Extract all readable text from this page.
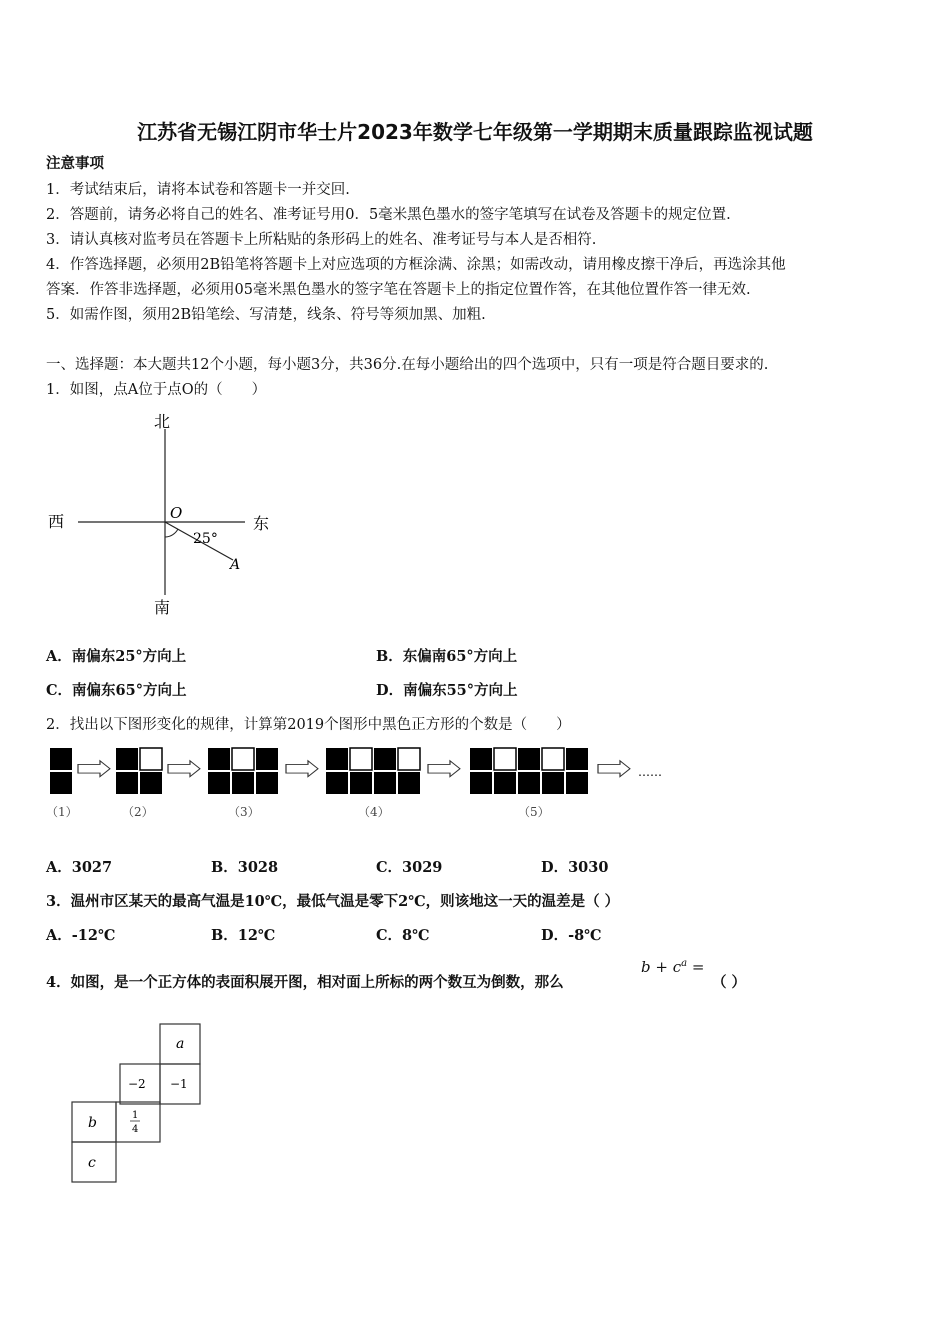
江苏省无锡江阴市华士片2023年数学七年级第一学期期末质量跟踪监视试题
注意事项
1．考试结束后，请将本试卷和答题卡一并交回.
2．答题前，请务必将自己的姓名、准考证号用0．5毫米黑色墨水的签字笔填写在试卷及答题卡的规定位置.
3．请认真核对监考员在答题卡上所粘贴的条形码上的姓名、准考证号与本人是否相符.
4．作答选择题，必须用2B铅笔将答题卡上对应选项的方框涂满、涂黑；如需改动，请用橡皮擦干净后，再选涂其他
答案．作答非选择题，必须用05毫米黑色墨水的签字笔在答题卡上的指定位置作答，在其他位置作答一律无效.
5．如需作图，须用2B铅笔绘、写清楚，线条、符号等须加黑、加粗.
一、选择题：本大题共12个小题，每小题3分，共36分.在每小题给出的四个选项中，只有一项是符合题目要求的.
1．如图，点A位于点O的（　　）
北
南
西	东
O
25°
A
A．南偏东25°方向上	B．东偏南65°方向上
C．南偏东65°方向上	D．南偏东55°方向上
2．找出以下图形变化的规律，计算第2019个图形中黑色正方形的个数是（　　）
……
（1）	（2）	（3）	（4）	（5）
A．3027	B．3028	C．3029	D．3030
3．温州市区某天的最高气温是10℃，最低气温是零下2℃，则该地这一天的温差是（ ）
A．-12℃	B．12℃	C．8℃	D．-8℃
4．如图，是一个正方体的表面积展开图，相对面上所标的两个数互为倒数，那么
$b + c^a$ =
（ ）
a
−2 −1
b	1
4
c
